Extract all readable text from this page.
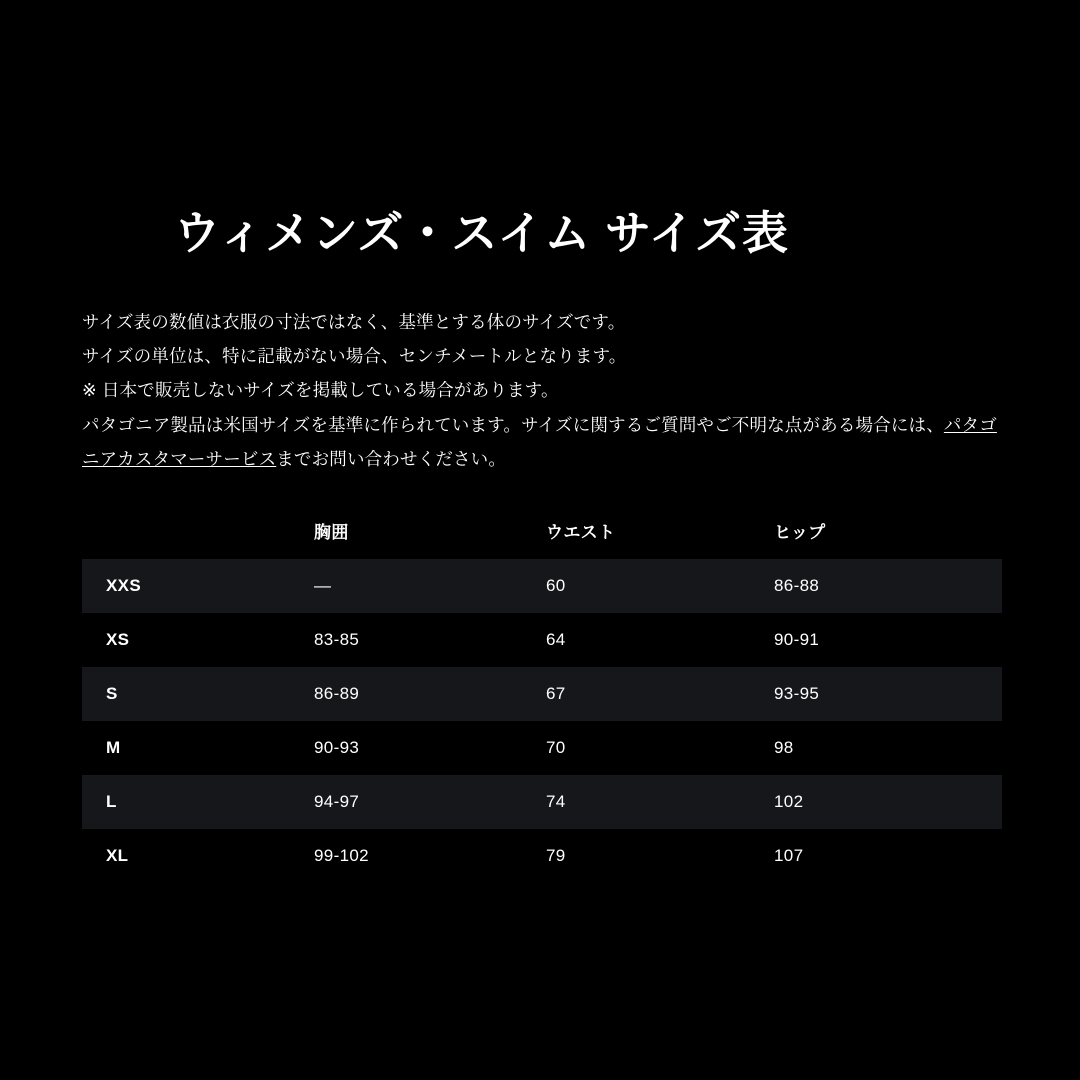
ウィメンズ・スイム サイズ表
サイズ表の数値は衣服の寸法ではなく、基準とする体のサイズです。
サイズの単位は、特に記載がない場合、センチメートルとなります。
※ 日本で販売しないサイズを掲載している場合があります。
パタゴニア製品は米国サイズを基準に作られています。サイズに関するご質問やご不明な点がある場合には、パタゴニアカスタマーサービスまでお問い合わせください。
	胸囲	ウエスト	ヒップ
XXS	—	60	86-88
XS	83-85	64	90-91
S	86-89	67	93-95
M	90-93	70	98
L	94-97	74	102
XL	99-102	79	107
